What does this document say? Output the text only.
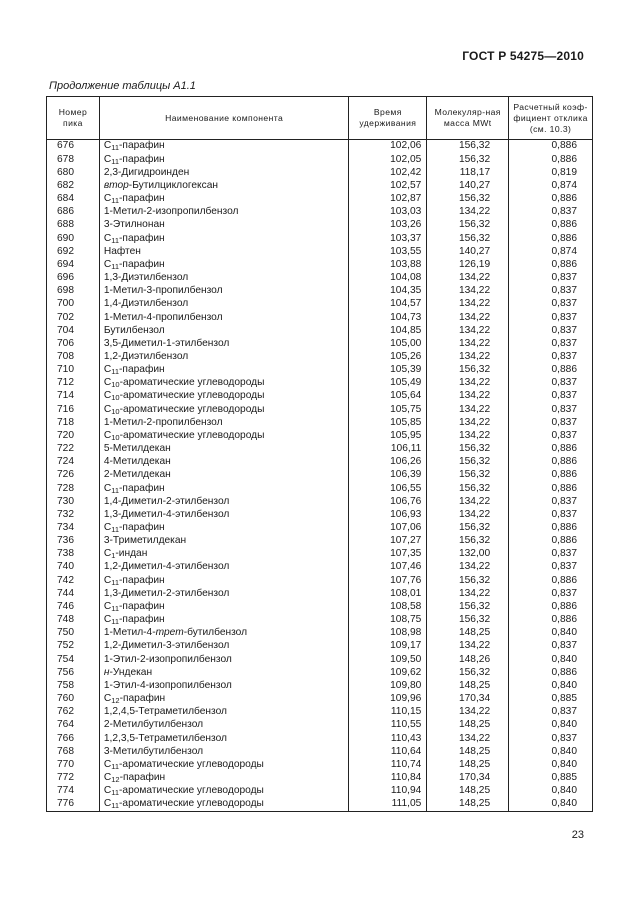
ГОСТ Р 54275—2010
Продолжение таблицы А1.1
Номер пика	Наименование компонента	Время удерживания	Молекуляр-ная масса MWt	Расчетный коэф-фициент отклика (см. 10.3)
676	$C_{11}$-парафин	102,06	156,32	0,886
678	$C_{11}$-парафин	102,05	156,32	0,886
680	2,3-Дигидроинден	102,42	118,17	0,819
682	втор-Бутилциклогексан	102,57	140,27	0,874
684	$C_{11}$-парафин	102,87	156,32	0,886
686	1-Метил-2-изопропилбензол	103,03	134,22	0,837
688	3-Этилнонан	103,26	156,32	0,886
690	$C_{11}$-парафин	103,37	156,32	0,886
692	Нафтен	103,55	140,27	0,874
694	$C_{11}$-парафин	103,88	126,19	0,886
696	1,3-Диэтилбензол	104,08	134,22	0,837
698	1-Метил-3-пропилбензол	104,35	134,22	0,837
700	1,4-Диэтилбензол	104,57	134,22	0,837
702	1-Метил-4-пропилбензол	104,73	134,22	0,837
704	Бутилбензол	104,85	134,22	0,837
706	3,5-Диметил-1-этилбензол	105,00	134,22	0,837
708	1,2-Диэтилбензол	105,26	134,22	0,837
710	$C_{11}$-парафин	105,39	156,32	0,886
712	$C_{10}$-ароматические углеводороды	105,49	134,22	0,837
714	$C_{10}$-ароматические углеводороды	105,64	134,22	0,837
716	$C_{10}$-ароматические углеводороды	105,75	134,22	0,837
718	1-Метил-2-пропилбензол	105,85	134,22	0,837
720	$C_{10}$-ароматические углеводороды	105,95	134,22	0,837
722	5-Метилдекан	106,11	156,32	0,886
724	4-Метилдекан	106,26	156,32	0,886
726	2-Метилдекан	106,39	156,32	0,886
728	$C_{11}$-парафин	106,55	156,32	0,886
730	1,4-Диметил-2-этилбензол	106,76	134,22	0,837
732	1,3-Диметил-4-этилбензол	106,93	134,22	0,837
734	$C_{11}$-парафин	107,06	156,32	0,886
736	3-Триметилдекан	107,27	156,32	0,886
738	$C_1$-индан	107,35	132,00	0,837
740	1,2-Диметил-4-этилбензол	107,46	134,22	0,837
742	$C_{11}$-парафин	107,76	156,32	0,886
744	1,3-Диметил-2-этилбензол	108,01	134,22	0,837
746	$C_{11}$-парафин	108,58	156,32	0,886
748	$C_{11}$-парафин	108,75	156,32	0,886
750	1-Метил-4-трет-бутилбензол	108,98	148,25	0,840
752	1,2-Диметил-3-этилбензол	109,17	134,22	0,837
754	1-Этил-2-изопропилбензол	109,50	148,26	0,840
756	н-Ундекан	109,62	156,32	0,886
758	1-Этил-4-изопропилбензол	109,80	148,25	0,840
760	$C_{12}$-парафин	109,96	170,34	0,885
762	1,2,4,5-Тетраметилбензол	110,15	134,22	0,837
764	2-Метилбутилбензол	110,55	148,25	0,840
766	1,2,3,5-Тетраметилбензол	110,43	134,22	0,837
768	3-Метилбутилбензол	110,64	148,25	0,840
770	$C_{11}$-ароматические углеводороды	110,74	148,25	0,840
772	$C_{12}$-парафин	110,84	170,34	0,885
774	$C_{11}$-ароматические углеводороды	110,94	148,25	0,840
776	$C_{11}$-ароматические углеводороды	111,05	148,25	0,840
23
